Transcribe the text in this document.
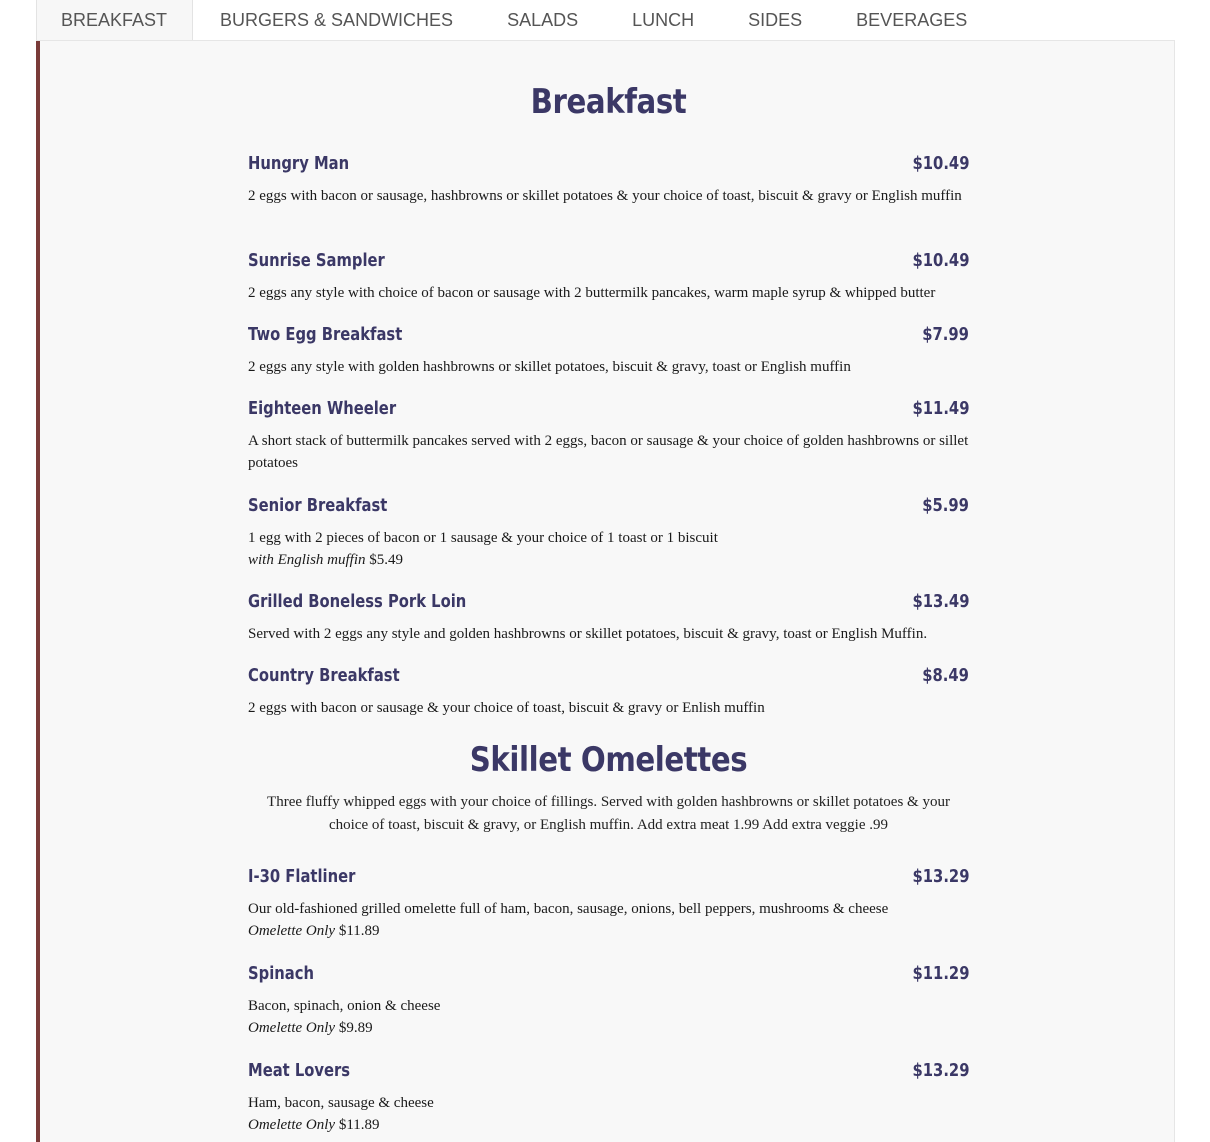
BREAKFAST	BURGERS & SANDWICHES	SALADS	LUNCH	SIDES	BEVERAGES
Breakfast
Hungry Man	$10.49
2 eggs with bacon or sausage, hashbrowns or skillet potatoes & your choice of toast, biscuit & gravy or English muffin
Sunrise Sampler	$10.49
2 eggs any style with choice of bacon or sausage with 2 buttermilk pancakes, warm maple syrup & whipped butter
Two Egg Breakfast	$7.99
2 eggs any style with golden hashbrowns or skillet potatoes, biscuit & gravy, toast or English muffin
Eighteen Wheeler	$11.49
A short stack of buttermilk pancakes served with 2 eggs, bacon or sausage & your choice of golden hashbrowns or sillet potatoes
Senior Breakfast	$5.99
1 egg with 2 pieces of bacon or 1 sausage & your choice of 1 toast or 1 biscuit
with English muffin $5.49
Grilled Boneless Pork Loin	$13.49
Served with 2 eggs any style and golden hashbrowns or skillet potatoes, biscuit & gravy, toast or English Muffin.
Country Breakfast	$8.49
2 eggs with bacon or sausage & your choice of toast, biscuit & gravy or Enlish muffin
Skillet Omelettes
Three fluffy whipped eggs with your choice of fillings. Served with golden hashbrowns or skillet potatoes & your choice of toast, biscuit & gravy, or English muffin. Add extra meat 1.99 Add extra veggie .99
I-30 Flatliner	$13.29
Our old-fashioned grilled omelette full of ham, bacon, sausage, onions, bell peppers, mushrooms & cheese
Omelette Only $11.89
Spinach	$11.29
Bacon, spinach, onion & cheese
Omelette Only $9.89
Meat Lovers	$13.29
Ham, bacon, sausage & cheese
Omelette Only $11.89
